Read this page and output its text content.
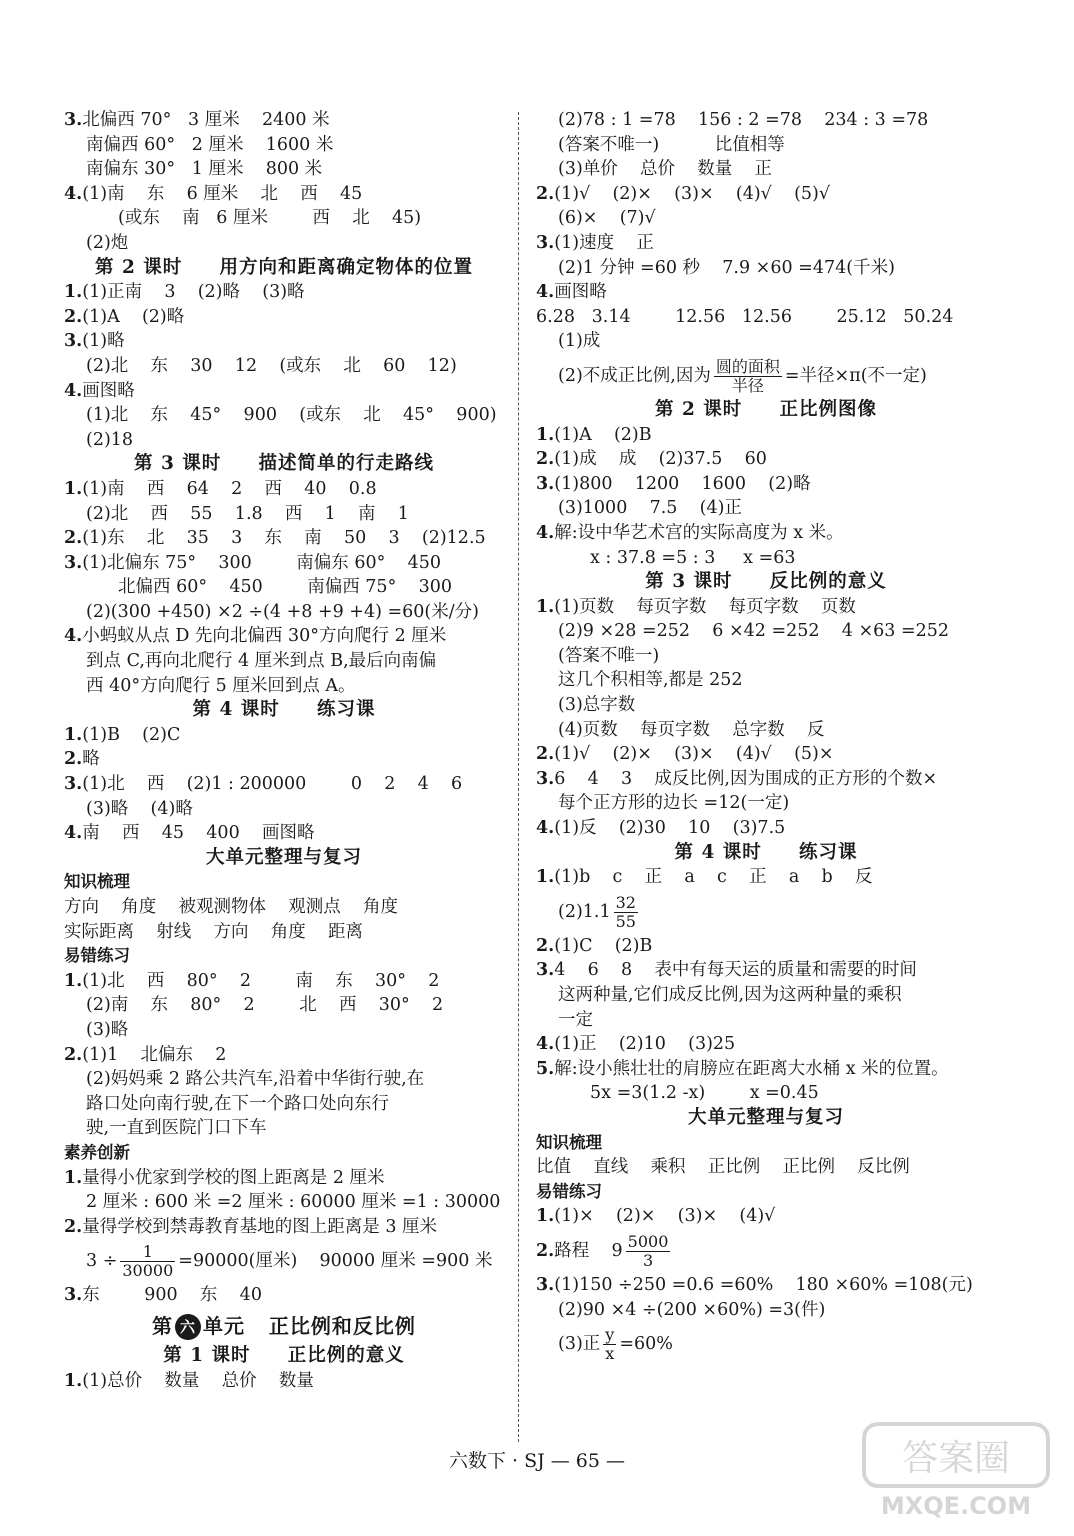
3.北偏西 70°   3 厘米    2400 米
南偏西 60°   2 厘米    1600 米
南偏东 30°   1 厘米    800 米
4.(1)南    东    6 厘米    北    西    45
(或东    南   6 厘米        西    北    45)
(2)炮
第 2 课时     用方向和距离确定物体的位置
1.(1)正南    3    (2)略    (3)略
2.(1)A    (2)略
3.(1)略
(2)北    东    30    12    (或东    北    60    12)
4.画图略
(1)北    东    45°    900    (或东    北    45°    900)
(2)18
第 3 课时     描述简单的行走路线
1.(1)南    西    64    2    西    40    0.8
(2)北    西    55    1.8    西    1    南    1
2.(1)东    北    35    3    东    南    50    3    (2)12.5
3.(1)北偏东 75°    300        南偏东 60°    450
北偏西 60°    450        南偏西 75°    300
(2)(300 +450) ×2 ÷(4 +8 +9 +4) =60(米/分)
4.小蚂蚁从点 D 先向北偏西 30°方向爬行 2 厘米
到点 C,再向北爬行 4 厘米到点 B,最后向南偏
西 40°方向爬行 5 厘米回到点 A。
第 4 课时     练习课
1.(1)B    (2)C
2.略
3.(1)北    西    (2)1 : 200000        0    2    4    6
(3)略    (4)略
4.南    西    45    400    画图略
大单元整理与复习
知识梳理
方向    角度    被观测物体    观测点    角度
实际距离    射线    方向    角度    距离
易错练习
1.(1)北    西    80°    2        南    东    30°    2
(2)南    东    80°    2        北    西    30°    2
(3)略
2.(1)1    北偏东    2
(2)妈妈乘 2 路公共汽车,沿着中华街行驶,在
路口处向南行驶,在下一个路口处向东行
驶,一直到医院门口下车
素养创新
1.量得小优家到学校的图上距离是 2 厘米
2 厘米 : 600 米 =2 厘米 : 60000 厘米 =1 : 30000
2.量得学校到禁毒教育基地的图上距离是 3 厘米
$3 \div \frac{1}{30000} =90000$(厘米)    90000 厘米 =900 米
3.东        900    东    40
第 六 单元   正比例和反比例
第 1 课时     正比例的意义
1.(1)总价    数量    总价    数量
(2)78 : 1 =78    156 : 2 =78    234 : 3 =78
(答案不唯一)          比值相等
(3)单价    总价    数量    正
2.(1)√    (2)×    (3)×    (4)√    (5)√
(6)×    (7)√
3.(1)速度    正
(2)1 分钟 =60 秒    7.9 ×60 =474(千米)
4.画图略
6.28   3.14        12.56   12.56        25.12   50.24
(1)成
(2)不成正比例,因为 $\frac{\text{圆的面积}}{\text{半径}}$ =半径×π(不一定)
第 2 课时     正比例图像
1.(1)A    (2)B
2.(1)成    成    (2)37.5    60
3.(1)800    1200    1600    (2)略
(3)1000    7.5    (4)正
4.解:设中华艺术宫的实际高度为 x 米。
x : 37.8 =5 : 3     x =63
第 3 课时     反比例的意义
1.(1)页数    每页字数    每页字数    页数
(2)9 ×28 =252    6 ×42 =252    4 ×63 =252
(答案不唯一)
这几个积相等,都是 252
(3)总字数
(4)页数    每页字数    总字数    反
2.(1)√    (2)×    (3)×    (4)√    (5)×
3.6    4    3    成反比例,因为围成的正方形的个数×
每个正方形的边长 =12(一定)
4.(1)反    (2)30    10    (3)7.5
第 4 课时     练习课
1.(1)b    c    正    a    c    正    a    b    反
$(2)1.1 \frac{32}{55}$
2.(1)C    (2)B
3.4    6    8    表中有每天运的质量和需要的时间
这两种量,它们成反比例,因为这两种量的乘积
一定
4.(1)正    (2)10    (3)25
5.解:设小熊壮壮的肩膀应在距离大水桶 x 米的位置。
5x =3(1.2 -x)        x =0.45
大单元整理与复习
知识梳理
比值    直线    乘积    正比例    正比例    反比例
易错练习
1.(1)×    (2)×    (3)×    (4)√
2.路程    $9 \frac{5000}{3}$
3.(1)150 ÷250 =0.6 =60%    180 ×60% =108(元)
(2)90 ×4 ÷(200 ×60%) =3(件)
(3)正 $\frac{y}{x} =60\%$
六数下 · SJ — 65 —	答案圈
MXQE.COM
